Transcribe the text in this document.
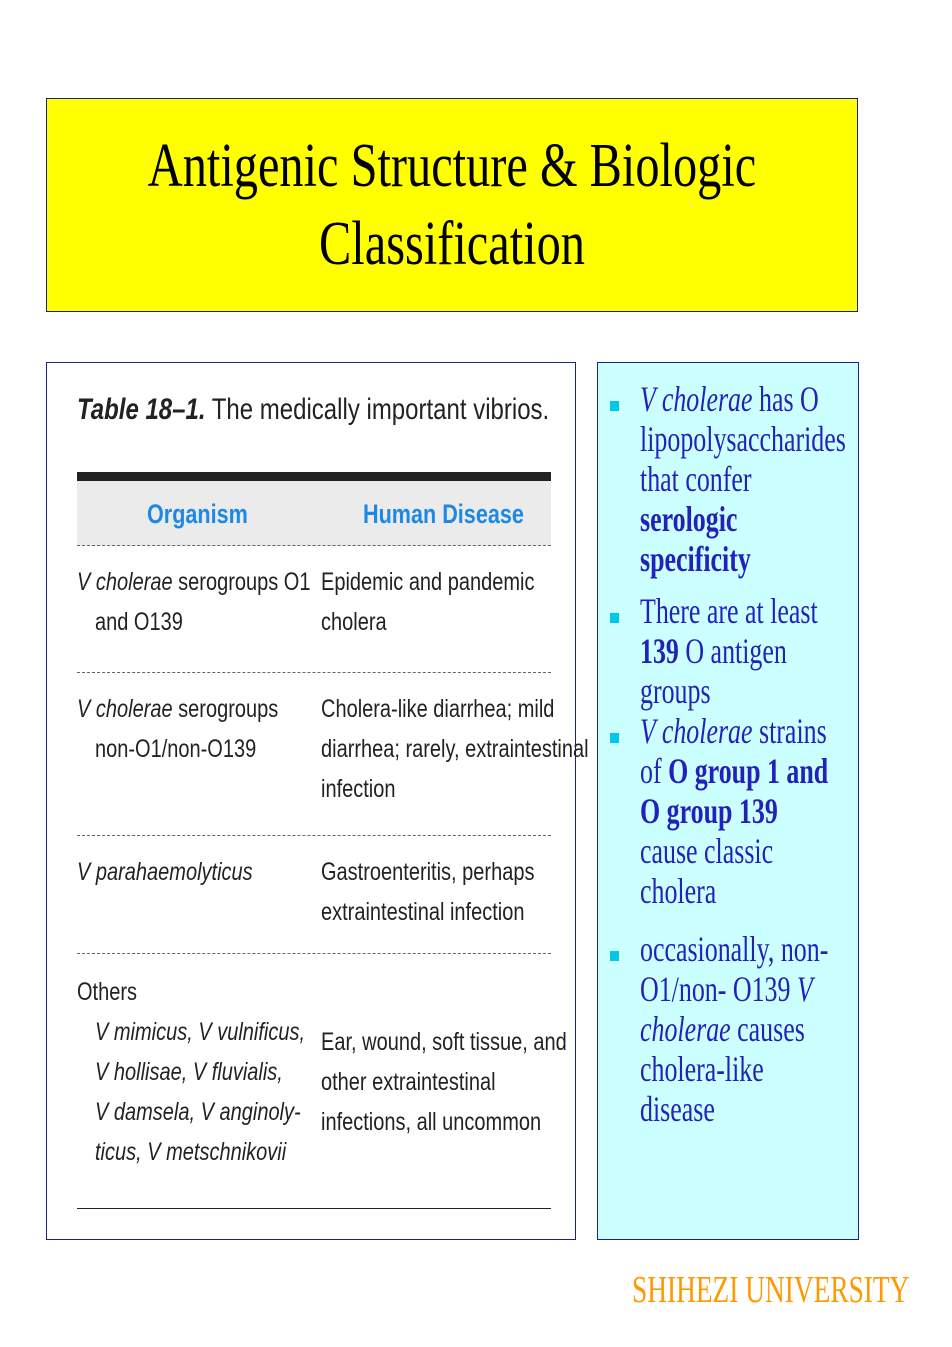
Antigenic Structure & Biologic
Classification
Table 18–1. The medically important vibrios.
Organism	Human Disease
V cholerae serogroups O1
and O139
Epidemic and pandemic
cholera
V cholerae serogroups
non-O1/non-O139
Cholera-like diarrhea; mild
diarrhea; rarely, extraintestinal
infection
V parahaemolyticus	Gastroenteritis, perhaps
extraintestinal infection
Others
V mimicus, V vulnificus,
V hollisae, V fluvialis,
V damsela, V anginoly-
ticus, V metschnikovii
Ear, wound, soft tissue, and
other extraintestinal
infections, all uncommon
V cholerae has O lipopolysaccharides that confer serologic specificity
There are at least 139 O antigen groups
V cholerae strains of O group 1 and O group 139 cause classic cholera
occasionally, non-O1/non- O139 V cholerae causes cholera-like disease
SHIHEZI UNIVERSITY
